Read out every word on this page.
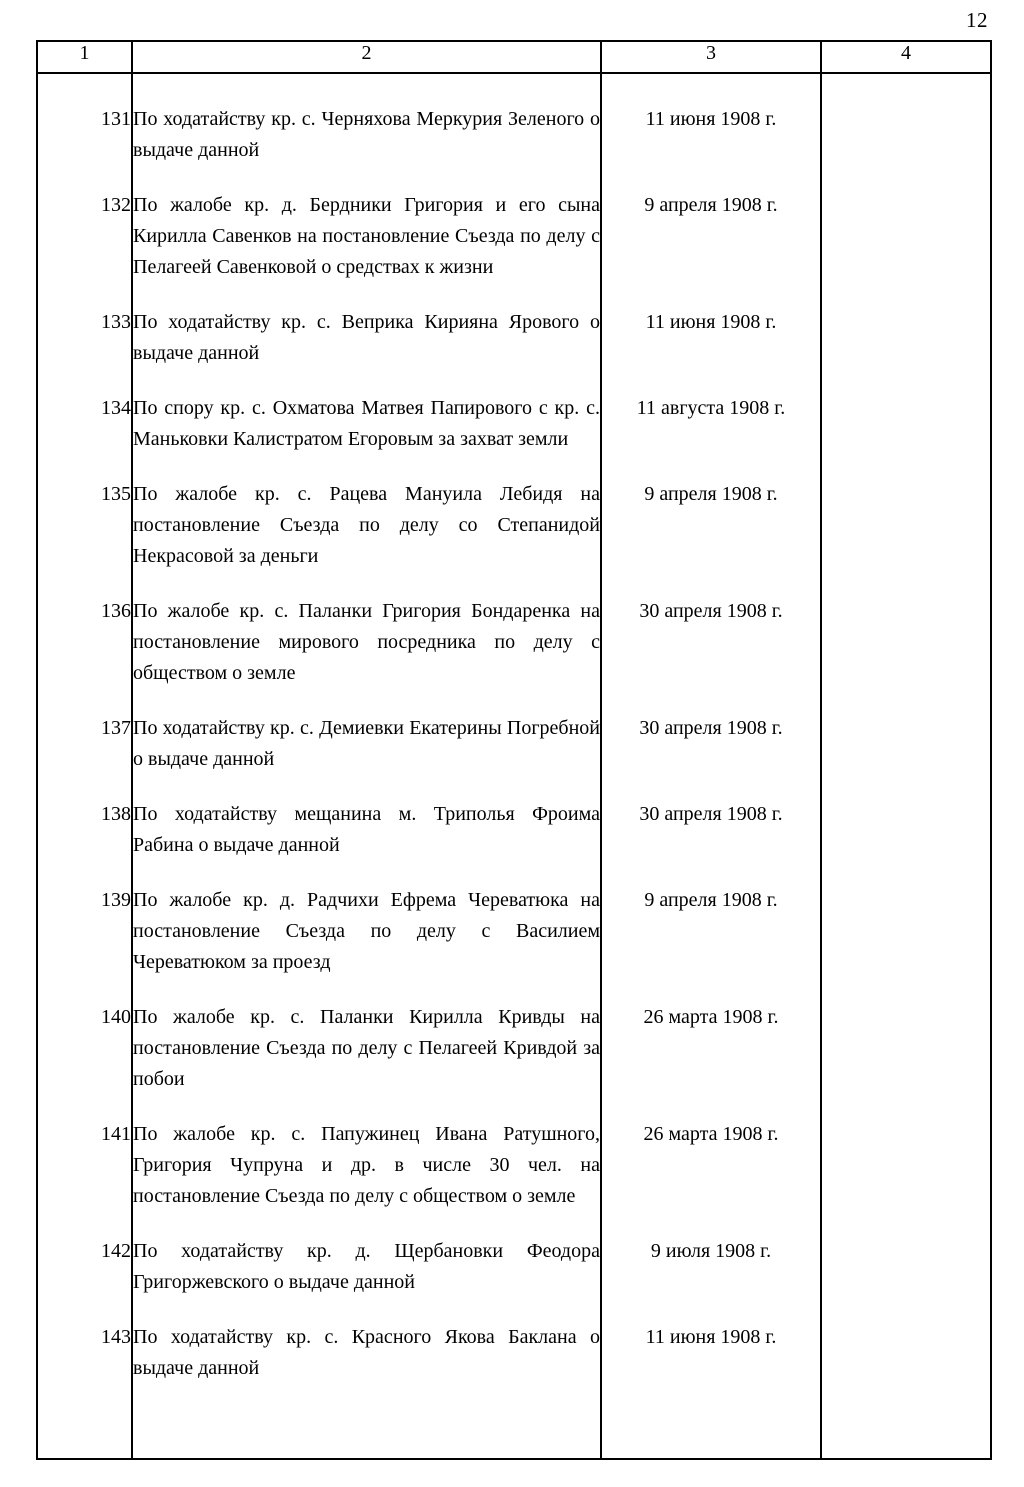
12
1	2	3	4
131	По ходатайству кр. с. Черняхова Меркурия Зеленого о выдаче данной	11 июня 1908 г.	
132	По жалобе кр. д. Бердники Григория и его сына Кирилла Савенков на постановление Съезда по делу с Пелагеей Савенковой о средствах к жизни	9 апреля 1908 г.	
133	По ходатайству кр. с. Веприка Кирияна Ярового о выдаче данной	11 июня 1908 г.	
134	По спору кр. с. Охматова Матвея Папирового с кр. с. Маньковки Калистратом Егоровым за захват земли	11 августа 1908 г.	
135	По жалобе кр. с. Рацева Мануила Лебидя на постановление Съезда по делу со Степанидой Некрасовой за деньги	9 апреля 1908 г.	
136	По жалобе кр. с. Паланки Григория Бондаренка на постановление мирового посредника по делу с обществом о земле	30 апреля 1908 г.	
137	По ходатайству кр. с. Демиевки Екатерины Погребной о выдаче данной	30 апреля 1908 г.	
138	По ходатайству мещанина м. Триполья Фроима Рабина о выдаче данной	30 апреля 1908 г.	
139	По жалобе кр. д. Радчихи Ефрема Череватюка на постановление Съезда по делу с Василием Череватюком за проезд	9 апреля 1908 г.	
140	По жалобе кр. с. Паланки Кирилла Кривды на постановление Съезда по делу с Пелагеей Кривдой за побои	26 марта 1908 г.	
141	По жалобе кр. с. Папужинец Ивана Ратушного, Григория Чупруна и др. в числе 30 чел. на постановление Съезда по делу с обществом о земле	26 марта 1908 г.	
142	По ходатайству кр. д. Щербановки Феодора Григоржевского о выдаче данной	9 июля 1908 г.	
143	По ходатайству кр. с. Красного Якова Баклана о выдаче данной	11 июня 1908 г.	
